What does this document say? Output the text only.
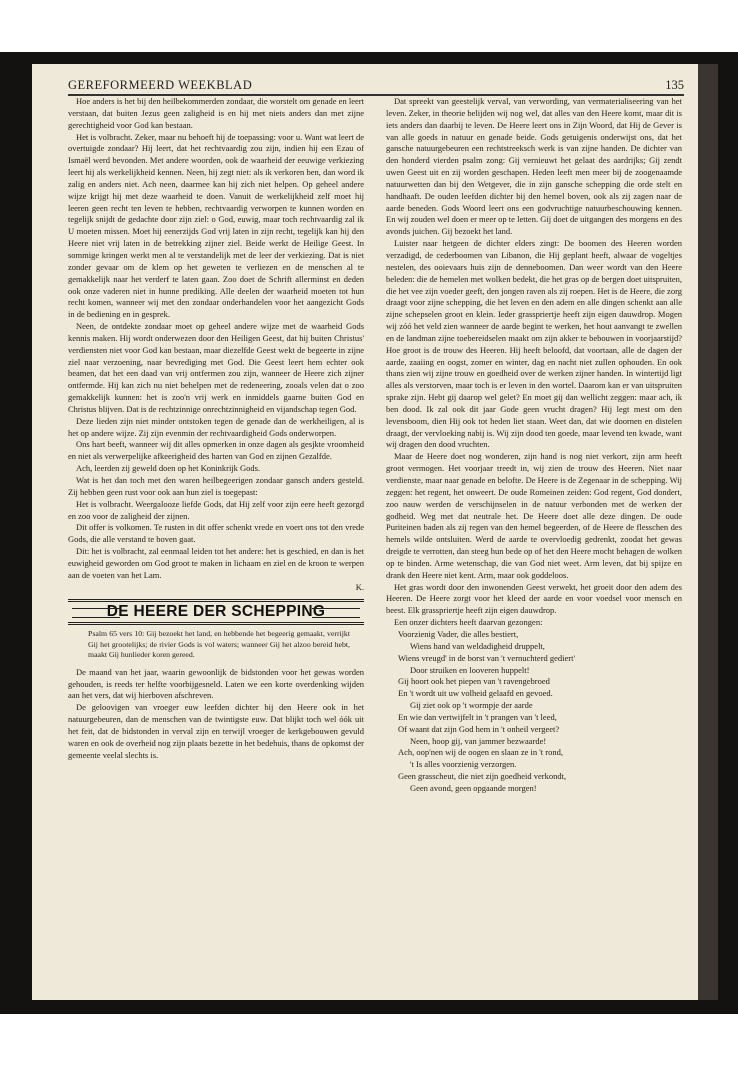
GEREFORMEERD WEEKBLAD	135

Hoe anders is het bij den heilbekommerden zondaar, die worstelt om genade en leert verstaan, dat buiten Jezus geen zaligheid is en hij met niets anders dan met zijne gerechtigheid voor God kan bestaan.

Het is volbracht. Zeker, maar nu behoeft hij de toepassing: voor u. Want wat leert de overtuigde zondaar? Hij leert, dat het rechtvaardig zou zijn, indien hij een Ezau of Ismaël werd bevonden. Met andere woorden, ook de waarheid der eeuwige verkiezing leert hij als werkelijkheid kennen. Neen, hij zegt niet: als ik verkoren ben, dan word ik zalig en anders niet. Ach neen, daarmee kan hij zich niet helpen. Op geheel andere wijze krijgt hij met deze waarheid te doen. Vanuit de werkelijkheid zelf moet hij leeren geen recht ten leven te hebben, rechtvaardig verworpen te kunnen worden en tegelijk snijdt de gedachte door zijn ziel: o God, euwig, maar toch rechtvaardig zal ik U moeten missen. Moet hij eenerzijds God vrij laten in zijn recht, tegelijk kan hij den Heere niet vrij laten in de betrekking zijner ziel. Beide werkt de Heilige Geest. In sommige kringen werkt men al te verstandelijk met de leer der verkiezing. Dat is niet zonder gevaar om de klem op het geweten te verliezen en de menschen al te gemakkelijk naar het verderf te laten gaan. Zoo doet de Schrift allerminst en deden ook onze vaderen niet in hunne prediking. Alle deelen der waarheid moeten tot hun recht komen, wanneer wij met den zondaar onderhandelen voor het aangezicht Gods in de bediening en in gesprek.

Neen, de ontdekte zondaar moet op geheel andere wijze met de waarheid Gods kennis maken. Hij wordt onderwezen door den Heiligen Geest, dat hij buiten Christus' verdiensten niet voor God kan bestaan, maar diezelfde Geest wekt de begeerte in zijne ziel naar verzoening, naar bevrediging met God. Die Geest leert hem echter ook beamen, dat het een daad van vrij ontfermen zou zijn, wanneer de Heere zich zijner ontfermde. Hij kan zich nu niet behelpen met de redeneering, zooals velen dat o zoo gemakkelijk kunnen: het is zoo'n vrij werk en inmiddels gaarne buiten God en Christus blijven. Dat is de rechtzinnige onrechtzinnigheid en vijandschap tegen God.

Deze lieden zijn niet minder ontstoken tegen de genade dan de werkheiligen, al is het op andere wijze. Zij zijn evenmin der rechtvaardigheid Gods onderworpen.

Ons hart beeft, wanneer wij dit alles opmerken in onze dagen als gesjkte vroomheid en niet als verwerpelijke afkeerigheid des harten van God en zijnen Gezalfde.

Ach, leerden zij geweld doen op het Koninkrijk Gods.

Wat is het dan toch met den waren heilbegeerigen zondaar gansch anders gesteld. Zij hebben geen rust voor ook aan hun ziel is toegepast:

Het is volbracht. Weergalooze liefde Gods, dat Hij zelf voor zijn eere heeft gezorgd en zoo voor de zaligheid der zijnen.

Dit offer is volkomen. Te rusten in dit offer schenkt vrede en voert ons tot den vrede Gods, die alle verstand te boven gaat.

Dit: het is volbracht, zal eenmaal leiden tot het andere: het is geschied, en dan is het euwigheid geworden om God groot te maken in lichaam en ziel en de kroon te werpen aan de voeten van het Lam.

K.

DE HEERE DER SCHEPPING
Psalm 65 vers 10: Gij bezoekt het land, en hebbende het begeerig gemaakt, verrijkt Gij het grootelijks; de rivier Gods is vol waters; wanneer Gij het alzoo bereid hebt, maakt Gij hunlieder koren gereed.

De maand van het jaar, waarin gewoonlijk de bidstonden voor het gewas worden gehouden, is reeds ter helfte voorbijgesneld. Laten we een korte overdenking wijden aan het vers, dat wij hierboven afschreven.

De geloovigen van vroeger euw leefden dichter bij den Heere ook in het natuurgebeuren, dan de menschen van de twintigste euw. Dat blijkt toch wel óók uit het feit, dat de bidstonden in verval zijn en terwijl vroeger de kerkgebouwen gevuld waren en ook de overheid nog zijn plaats bezette in het bedehuis, thans de opkomst der gemeente veelal slechts is.

Dat spreekt van geestelijk verval, van verwording, van vermaterialiseering van het leven. Zeker, in theorie belijden wij nog wel, dat alles van den Heere komt, maar dit is iets anders dan daarbij te leven. De Heere leert ons in Zijn Woord, dat Hij de Gever is van alle goeds in natuur en genade beide. Gods getuigenis onderwijst ons, dat het gansche natuurgebeuren een rechtstreeksch werk is van zijne handen. De dichter van den honderd vierden psalm zong: Gij vernieuwt het gelaat des aardrijks; Gij zendt uwen Geest uit en zij worden geschapen. Heden leeft men meer bij de zoogenaamde natuurwetten dan bij den Wetgever, die in zijn gansche schepping die orde stelt en handhaaft. De ouden leefden dichter bij den hemel boven, ook als zij zagen naar de aarde beneden. Gods Woord leert ons een godvruchtige natuurbeschouwing kennen. En wij zouden wel doen er meer op te letten. Gij doet de uitgangen des morgens en des avonds juichen. Gij bezoekt het land.

Luister naar hetgeen de dichter elders zingt: De boomen des Heeren worden verzadigd, de cederboomen van Libanon, die Hij geplant heeft, alwaar de vogeltjes nestelen, des ooievaars huis zijn de denneboomen. Dan weer wordt van den Heere beleden: die de hemelen met wolken bedekt, die het gras op de bergen doet uitspruiten, die het vee zijn voeder geeft, den jongen raven als zij roepen. Het is de Heere, die zorg draagt voor zijne schepping, die het leven en den adem en alle dingen schenkt aan alle zijne schepselen groot en klein. Ieder grasspriertje heeft zijn eigen dauwdrop. Mogen wij zóó het veld zien wanneer de aarde begint te werken, het hout aanvangt te zwellen en de landman zijne toebereidselen maakt om zijn akker te bebouwen in voorjaarstijd? Hoe groot is de trouw des Heeren. Hij heeft beloofd, dat voortaan, alle de dagen der aarde, zaaiing en oogst, zomer en winter, dag en nacht niet zullen ophouden. En ook thans zien wij zijne trouw en goedheid over de werken zijner handen. In wintertijd ligt alles als verstorven, maar toch is er leven in den wortel. Daarom kan er van uitspruiten sprake zijn. Hebt gij daarop wel gelet? En moet gij dan wellicht zeggen: maar ach, ik ben dood. Ik zal ook dit jaar Gode geen vrucht dragen? Hij legt mest om den levensboom, dien Hij ook tot heden liet staan. Weet dan, dat wie doornen en distelen draagt, der vervloeking nabij is. Wij zijn dood ten goede, maar levend ten kwade, want wij dragen den dood vruchten.

Maar de Heere doet nog wonderen, zijn hand is nog niet verkort, zijn arm heeft groot vermogen. Het voorjaar treedt in, wij zien de trouw des Heeren. Niet naar verdienste, maar naar genade en belofte. De Heere is de Zegenaar in de schepping. Wij zeggen: het regent, het onweert. De oude Romeinen zeiden: God regent, God dondert, zoo nauw werden de verschijnselen in de natuur verbonden met de werken der godheid. Weg met dat neutrale het. De Heere doet alle deze dingen. De oude Puriteinen baden als zij regen van den hemel begeerden, of de Heere de flesschen des hemels wilde ontsluiten. Werd de aarde te overvloedig gedrenkt, zoodat het gewas dreigde te verrotten, dan steeg hun bede op of het den Heere mocht behagen de wolken op te binden. Arme wetenschap, die van God niet weet. Arm leven, dat bij spijze en drank den Heere niet kent. Arm, maar ook goddeloos.

Het gras wordt door den inwonenden Geest verwekt, het groeit door den adem des Heeren. De Heere zorgt voor het kleed der aarde en voor voedsel voor mensch en beest. Elk grasspriertje heeft zijn eigen dauwdrop.

Een onzer dichters heeft daarvan gezongen:

Voorzienig Vader, die alles bestiert,
Wiens hand van weldadigheid druppelt,
Wiens vreugd' in de borst van 't vernuchterd gediert'
Door struiken en looveren huppelt!
Gij hoort ook het piepen van 't ravengebroed
En 't wordt uit uw volheid gelaafd en gevoed.
Gij ziet ook op 't wormpje der aarde
En wie dan vertwijfelt in 't prangen van 't leed,
Of waant dat zijn God hem in 't onheil vergeet?
Neen, hoop gij, van jammer bezwaarde!
Ach, oop'nen wij de oogen en slaan ze in 't rond,
't Is alles voorzienig verzorgen.
Geen grasscheut, die niet zijn goedheid verkondt,
Geen avond, geen opgaande morgen!
